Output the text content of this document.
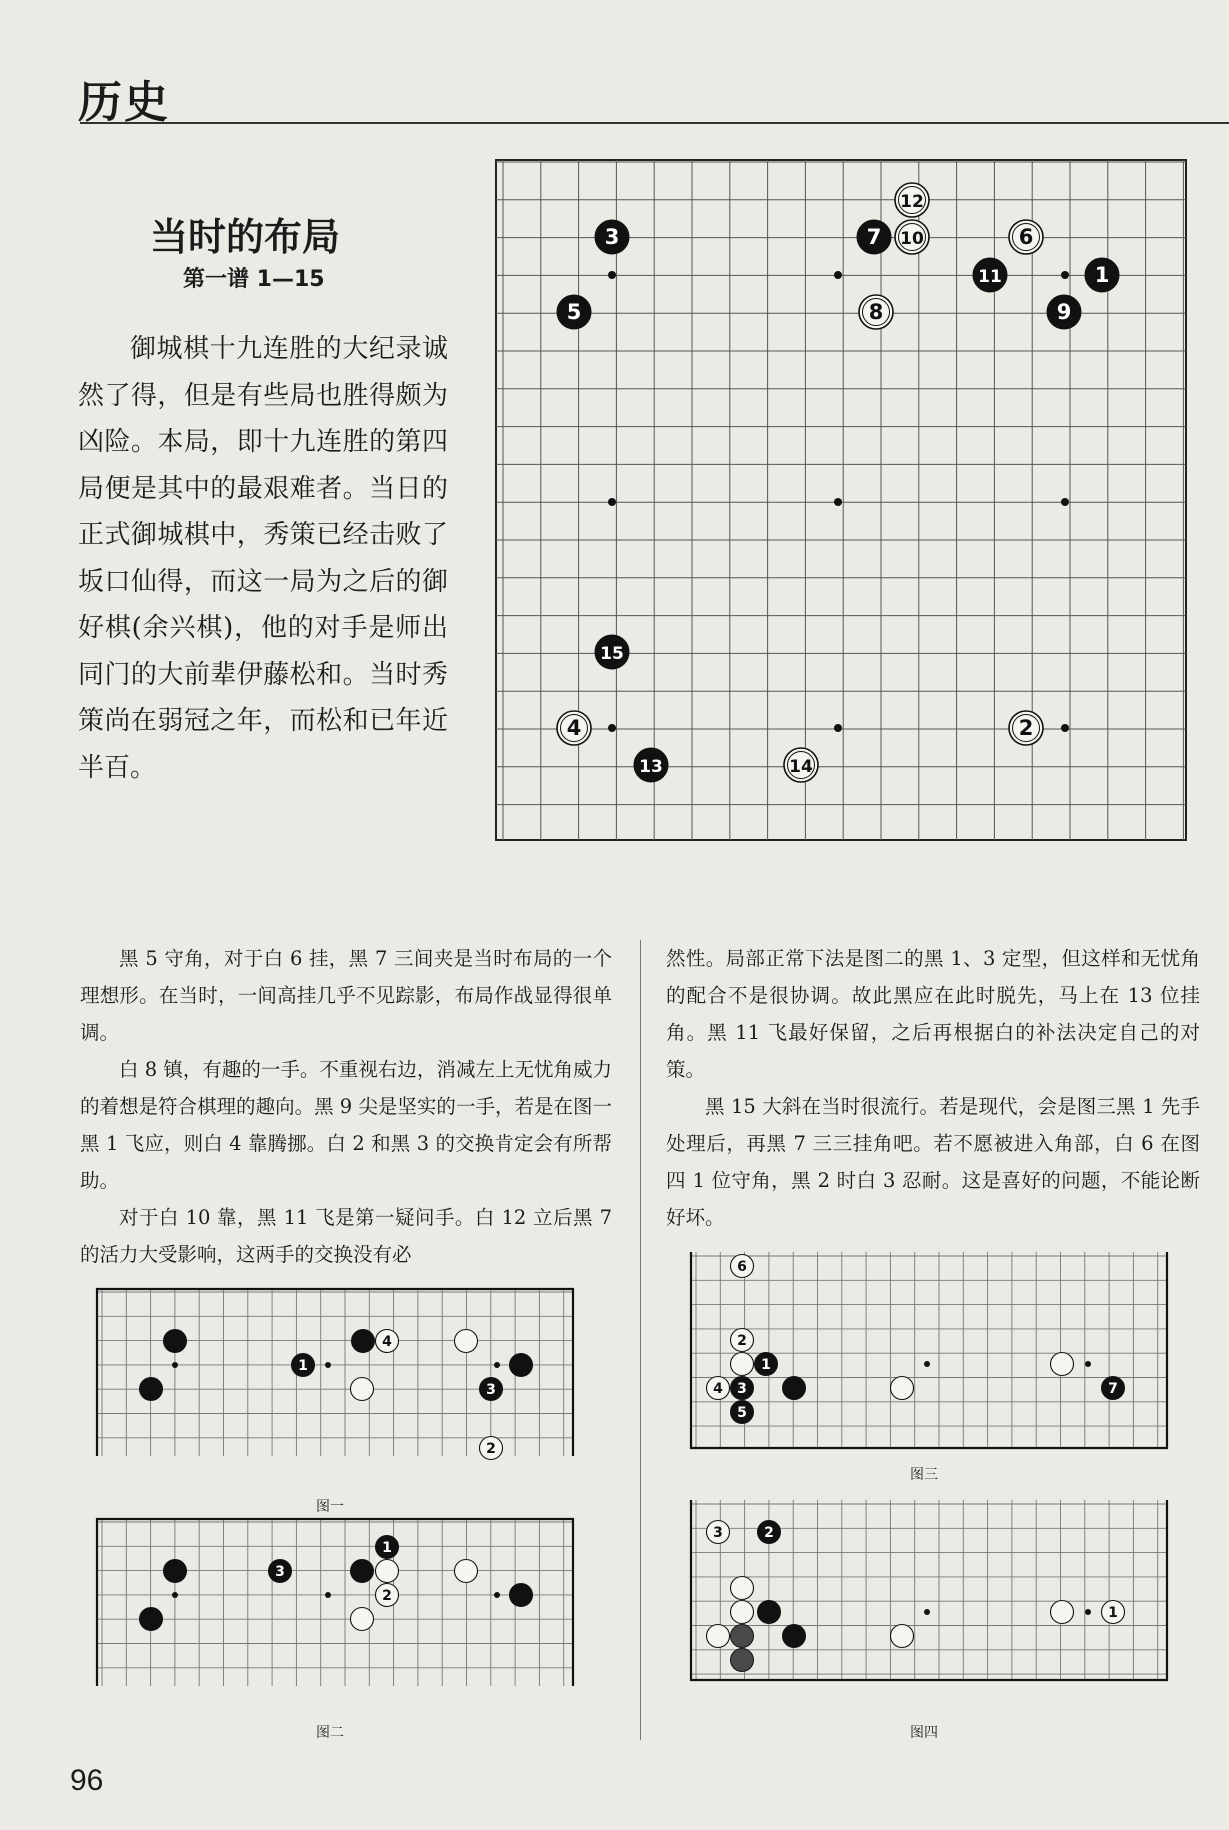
历史
当时的布局
第一谱 1—15

御城棋十九连胜的大纪录诚然了得，但是有些局也胜得颇为凶险。本局，即十九连胜的第四局便是其中的最艰难者。当日的正式御城棋中，秀策已经击败了坂口仙得，而这一局为之后的御好棋(余兴棋)，他的对手是师出同门的大前辈伊藤松和。当时秀策尚在弱冠之年，而松和已年近半百。

1
2
3
4
5
6
7
8	9
10
11
12
13	14
15

黑 5 守角，对于白 6 挂，黑 7 三间夹是当时布局的一个理想形。在当时，一间高挂几乎不见踪影，布局作战显得很单调。

白 8 镇，有趣的一手。不重视右边，消减左上无忧角威力的着想是符合棋理的趣向。黑 9 尖是坚实的一手，若是在图一黑 1 飞应，则白 4 靠腾挪。白 2 和黑 3 的交换肯定会有所帮助。

对于白 10 靠，黑 11 飞是第一疑问手。白 12 立后黑 7 的活力大受影响，这两手的交换没有必

然性。局部正常下法是图二的黑 1、3 定型，但这样和无忧角的配合不是很协调。故此黑应在此时脱先，马上在 13 位挂角。黑 11 飞最好保留，之后再根据白的补法决定自己的对策。

黑 15 大斜在当时很流行。若是现代，会是图三黑 1 先手处理后，再黑 7 三三挂角吧。若不愿被进入角部，白 6 在图四 1 位守角，黑 2 时白 3 忍耐。这是喜好的问题，不能论断好坏。

1
4
3
2
图一
3
1
2
图二
6
2
1
4 3
5
7
图三
3	2
1
图四
96
